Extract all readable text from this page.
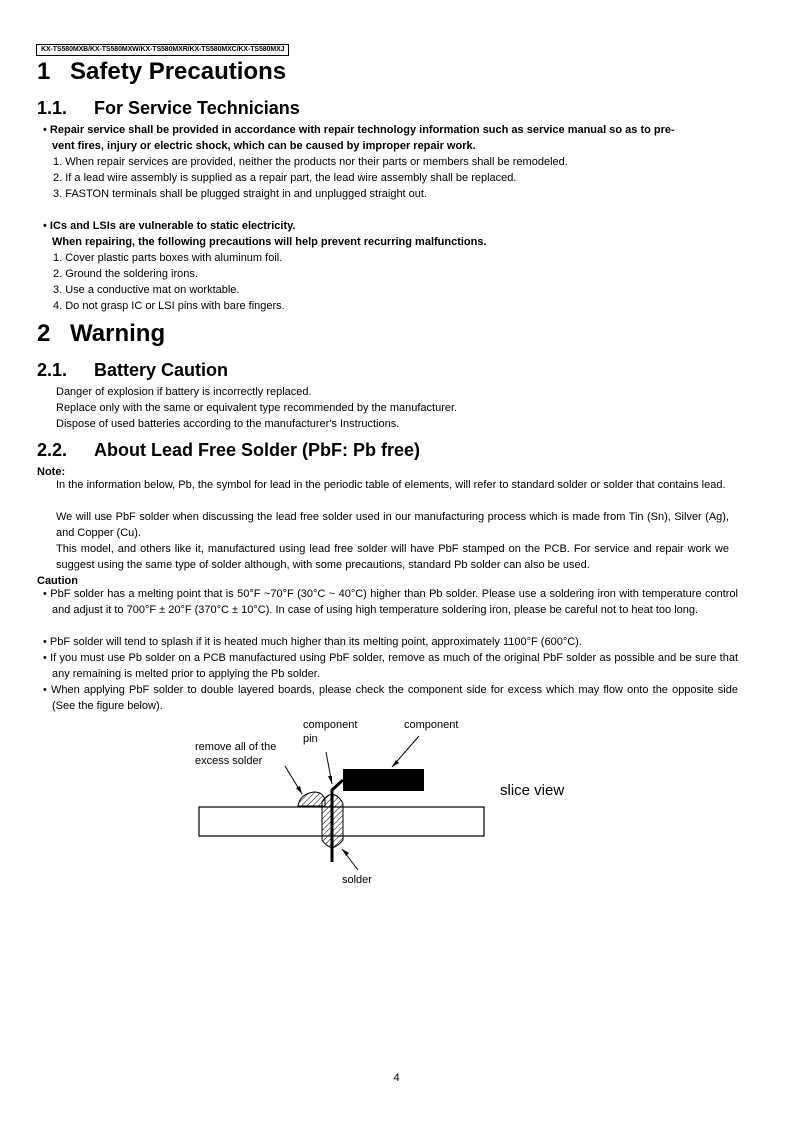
KX-TS580MXB/KX-TS580MXW/KX-TS580MXR/KX-TS580MXC/KX-TS580MXJ
1 Safety Precautions
1.1. For Service Technicians
• Repair service shall be provided in accordance with repair technology information such as service manual so as to pre-
vent fires, injury or electric shock, which can be caused by improper repair work.
1. When repair services are provided, neither the products nor their parts or members shall be remodeled.
2. If a lead wire assembly is supplied as a repair part, the lead wire assembly shall be replaced.
3. FASTON terminals shall be plugged straight in and unplugged straight out.
• ICs and LSIs are vulnerable to static electricity.
When repairing, the following precautions will help prevent recurring malfunctions.
1. Cover plastic parts boxes with aluminum foil.
2. Ground the soldering irons.
3. Use a conductive mat on worktable.
4. Do not grasp IC or LSI pins with bare fingers.
2 Warning
2.1. Battery Caution
Danger of explosion if battery is incorrectly replaced.
Replace only with the same or equivalent type recommended by the manufacturer.
Dispose of used batteries according to the manufacturer's Instructions.
2.2. About Lead Free Solder (PbF: Pb free)
Note:
In the information below, Pb, the symbol for lead in the periodic table of elements, will refer to standard solder or solder that contains lead.
We will use PbF solder when discussing the lead free solder used in our manufacturing process which is made from Tin (Sn), Silver (Ag), and Copper (Cu).
This model, and others like it, manufactured using lead free solder will have PbF stamped on the PCB. For service and repair work we suggest using the same type of solder although, with some precautions, standard Pb solder can also be used.
Caution
• PbF solder has a melting point that is 50°F ~70°F (30°C ~ 40°C) higher than Pb solder. Please use a soldering iron with temperature control and adjust it to 700°F ± 20°F (370°C ± 10°C). In case of using high temperature soldering iron, please be careful not to heat too long.
• PbF solder will tend to splash if it is heated much higher than its melting point, approximately 1100°F (600°C).
• If you must use Pb solder on a PCB manufactured using PbF solder, remove as much of the original PbF solder as possible and be sure that any remaining is melted prior to applying the Pb solder.
• When applying PbF solder to double layered boards, please check the component side for excess which may flow onto the opposite side (See the figure below).
component
pin
component
remove all of the
excess solder
slice view
solder
4
